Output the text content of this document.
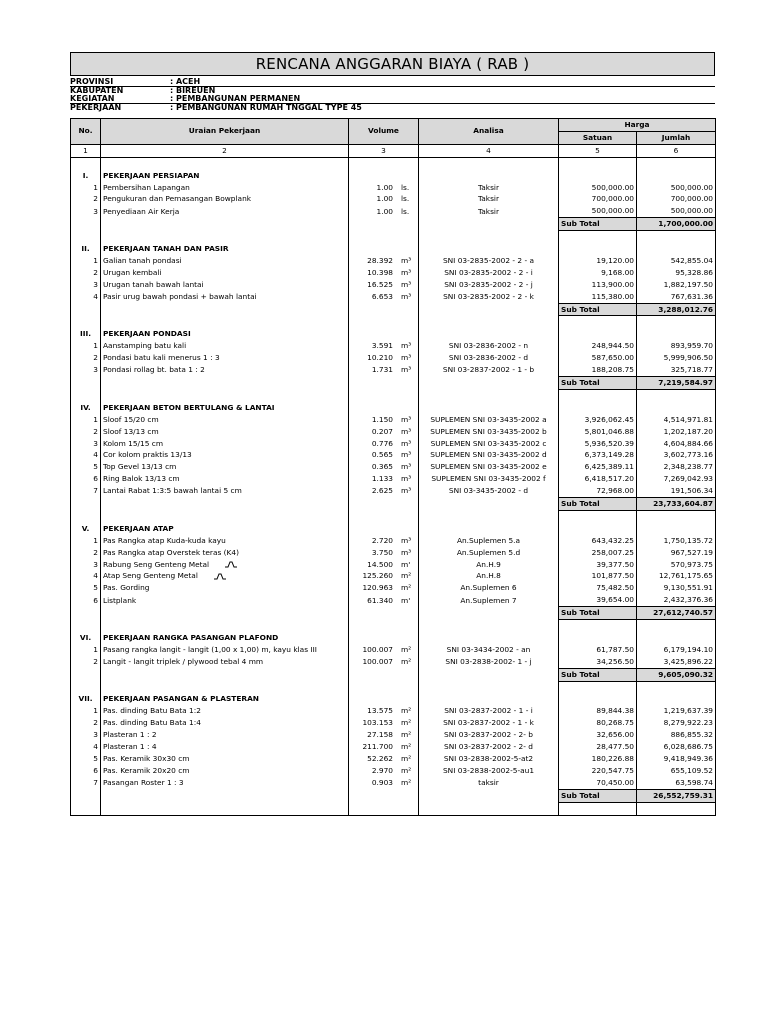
RENCANA ANGGARAN BIAYA ( RAB )
PROVINSI	: ACEH
KABUPATEN	: BIREUEN
KEGIATAN	: PEMBANGUNAN PERMANEN
PEKERJAAN	: PEMBANGUNAN RUMAH TNGGAL TYPE 45
No.	Uraian Pekerjaan	Volume	Analisa	Harga	
				Satuan	Jumlah
1	2	3	4	5	6

I.	PEKERJAAN PERSIAPAN				
1	Pembersihan Lapangan	1.00 ls.	Taksir	500,000.00	500,000.00
2	Pengukuran dan Pemasangan Bowplank	1.00 ls.	Taksir	700,000.00	700,000.00
3	Penyediaan Air Kerja	1.00 ls.	Taksir	500,000.00	500,000.00
				Sub Total	1,700,000.00

II.	PEKERJAAN TANAH DAN PASIR				
1	Galian tanah pondasi	28.392 m³	SNI 03-2835-2002 - 2 - a	19,120.00	542,855.04
2	Urugan kembali	10.398 m³	SNI 03-2835-2002 - 2 - i	9,168.00	95,328.86
3	Urugan tanah bawah lantai	16.525 m³	SNI 03-2835-2002 - 2 - j	113,900.00	1,882,197.50
4	Pasir urug bawah pondasi + bawah lantai	6.653 m³	SNI 03-2835-2002 - 2 - k	115,380.00	767,631.36
				Sub Total	3,288,012.76

III.	PEKERJAAN PONDASI				
1	Aanstamping batu kali	3.591 m³	SNI 03-2836-2002 - n	248,944.50	893,959.70
2	Pondasi batu kali menerus 1 : 3	10.210 m³	SNI 03-2836-2002 - d	587,650.00	5,999,906.50
3	Pondasi rollag bt. bata 1 : 2	1.731 m³	SNI 03-2837-2002 - 1 - b	188,208.75	325,718.77
				Sub Total	7,219,584.97

IV.	PEKERJAAN BETON BERTULANG & LANTAI				
1	Sloof 15/20 cm	1.150 m³	SUPLEMEN SNI 03-3435-2002 a	3,926,062.45	4,514,971.81
2	Sloof 13/13 cm	0.207 m³	SUPLEMEN SNI 03-3435-2002 b	5,801,046.88	1,202,187.20
3	Kolom 15/15 cm	0.776 m³	SUPLEMEN SNI 03-3435-2002 c	5,936,520.39	4,604,884.66
4	Cor kolom praktis 13/13	0.565 m³	SUPLEMEN SNI 03-3435-2002 d	6,373,149.28	3,602,773.16
5	Top Gevel 13/13 cm	0.365 m³	SUPLEMEN SNI 03-3435-2002 e	6,425,389.11	2,348,238.77
6	Ring Balok 13/13 cm	1.133 m³	SUPLEMEN SNI 03-3435-2002 f	6,418,517.20	7,269,042.93
7	Lantai Rabat 1:3:5 bawah lantai 5 cm	2.625 m³	SNI 03-3435-2002 - d	72,968.00	191,506.34
				Sub Total	23,733,604.87

V.	PEKERJAAN ATAP				
1	Pas Rangka atap Kuda-kuda kayu	2.720 m³	An.Suplemen 5.a	643,432.25	1,750,135.72
2	Pas Rangka atap Overstek teras (K4)	3.750 m³	An.Suplemen 5.d	258,007.25	967,527.19
3	Rabung Seng Genteng Metal	14.500 m'	An.H.9	39,377.50	570,973.75
4	Atap Seng Genteng Metal	125.260 m²	An.H.8	101,877.50	12,761,175.65
5	Pas. Gording	120.963 m²	An.Suplemen 6	75,482.50	9,130,551.91
6	Listplank	61.340 m'	An.Suplemen 7	39,654.00	2,432,376.36
				Sub Total	27,612,740.57

VI.	PEKERJAAN RANGKA PASANGAN PLAFOND				
1	Pasang rangka langit - langit (1,00 x 1,00) m, kayu klas III	100.007 m²	SNI 03-3434-2002 - an	61,787.50	6,179,194.10
2	Langit - langit triplek / plywood tebal 4 mm	100.007 m²	SNI 03-2838-2002- 1 - j	34,256.50	3,425,896.22
				Sub Total	9,605,090.32

VII.	PEKERJAAN PASANGAN & PLASTERAN				
1	Pas. dinding Batu Bata 1:2	13.575 m²	SNI 03-2837-2002 - 1 - i	89,844.38	1,219,637.39
2	Pas. dinding Batu Bata 1:4	103.153 m²	SNI 03-2837-2002 - 1 - k	80,268.75	8,279,922.23
3	Plasteran 1 : 2	27.158 m²	SNI 03-2837-2002 - 2- b	32,656.00	886,855.32
4	Plasteran 1 : 4	211.700 m²	SNI 03-2837-2002 - 2- d	28,477.50	6,028,686.75
5	Pas. Keramik 30x30 cm	52.262 m²	SNI 03-2838-2002-5-at2	180,226.88	9,418,949.36
6	Pas. Keramik 20x20 cm	2.970 m²	SNI 03-2838-2002-5-au1	220,547.75	655,109.52
7	Pasangan Roster 1 : 3	0.903 m²	taksir	70,450.00	63,598.74
				Sub Total	26,552,759.31
